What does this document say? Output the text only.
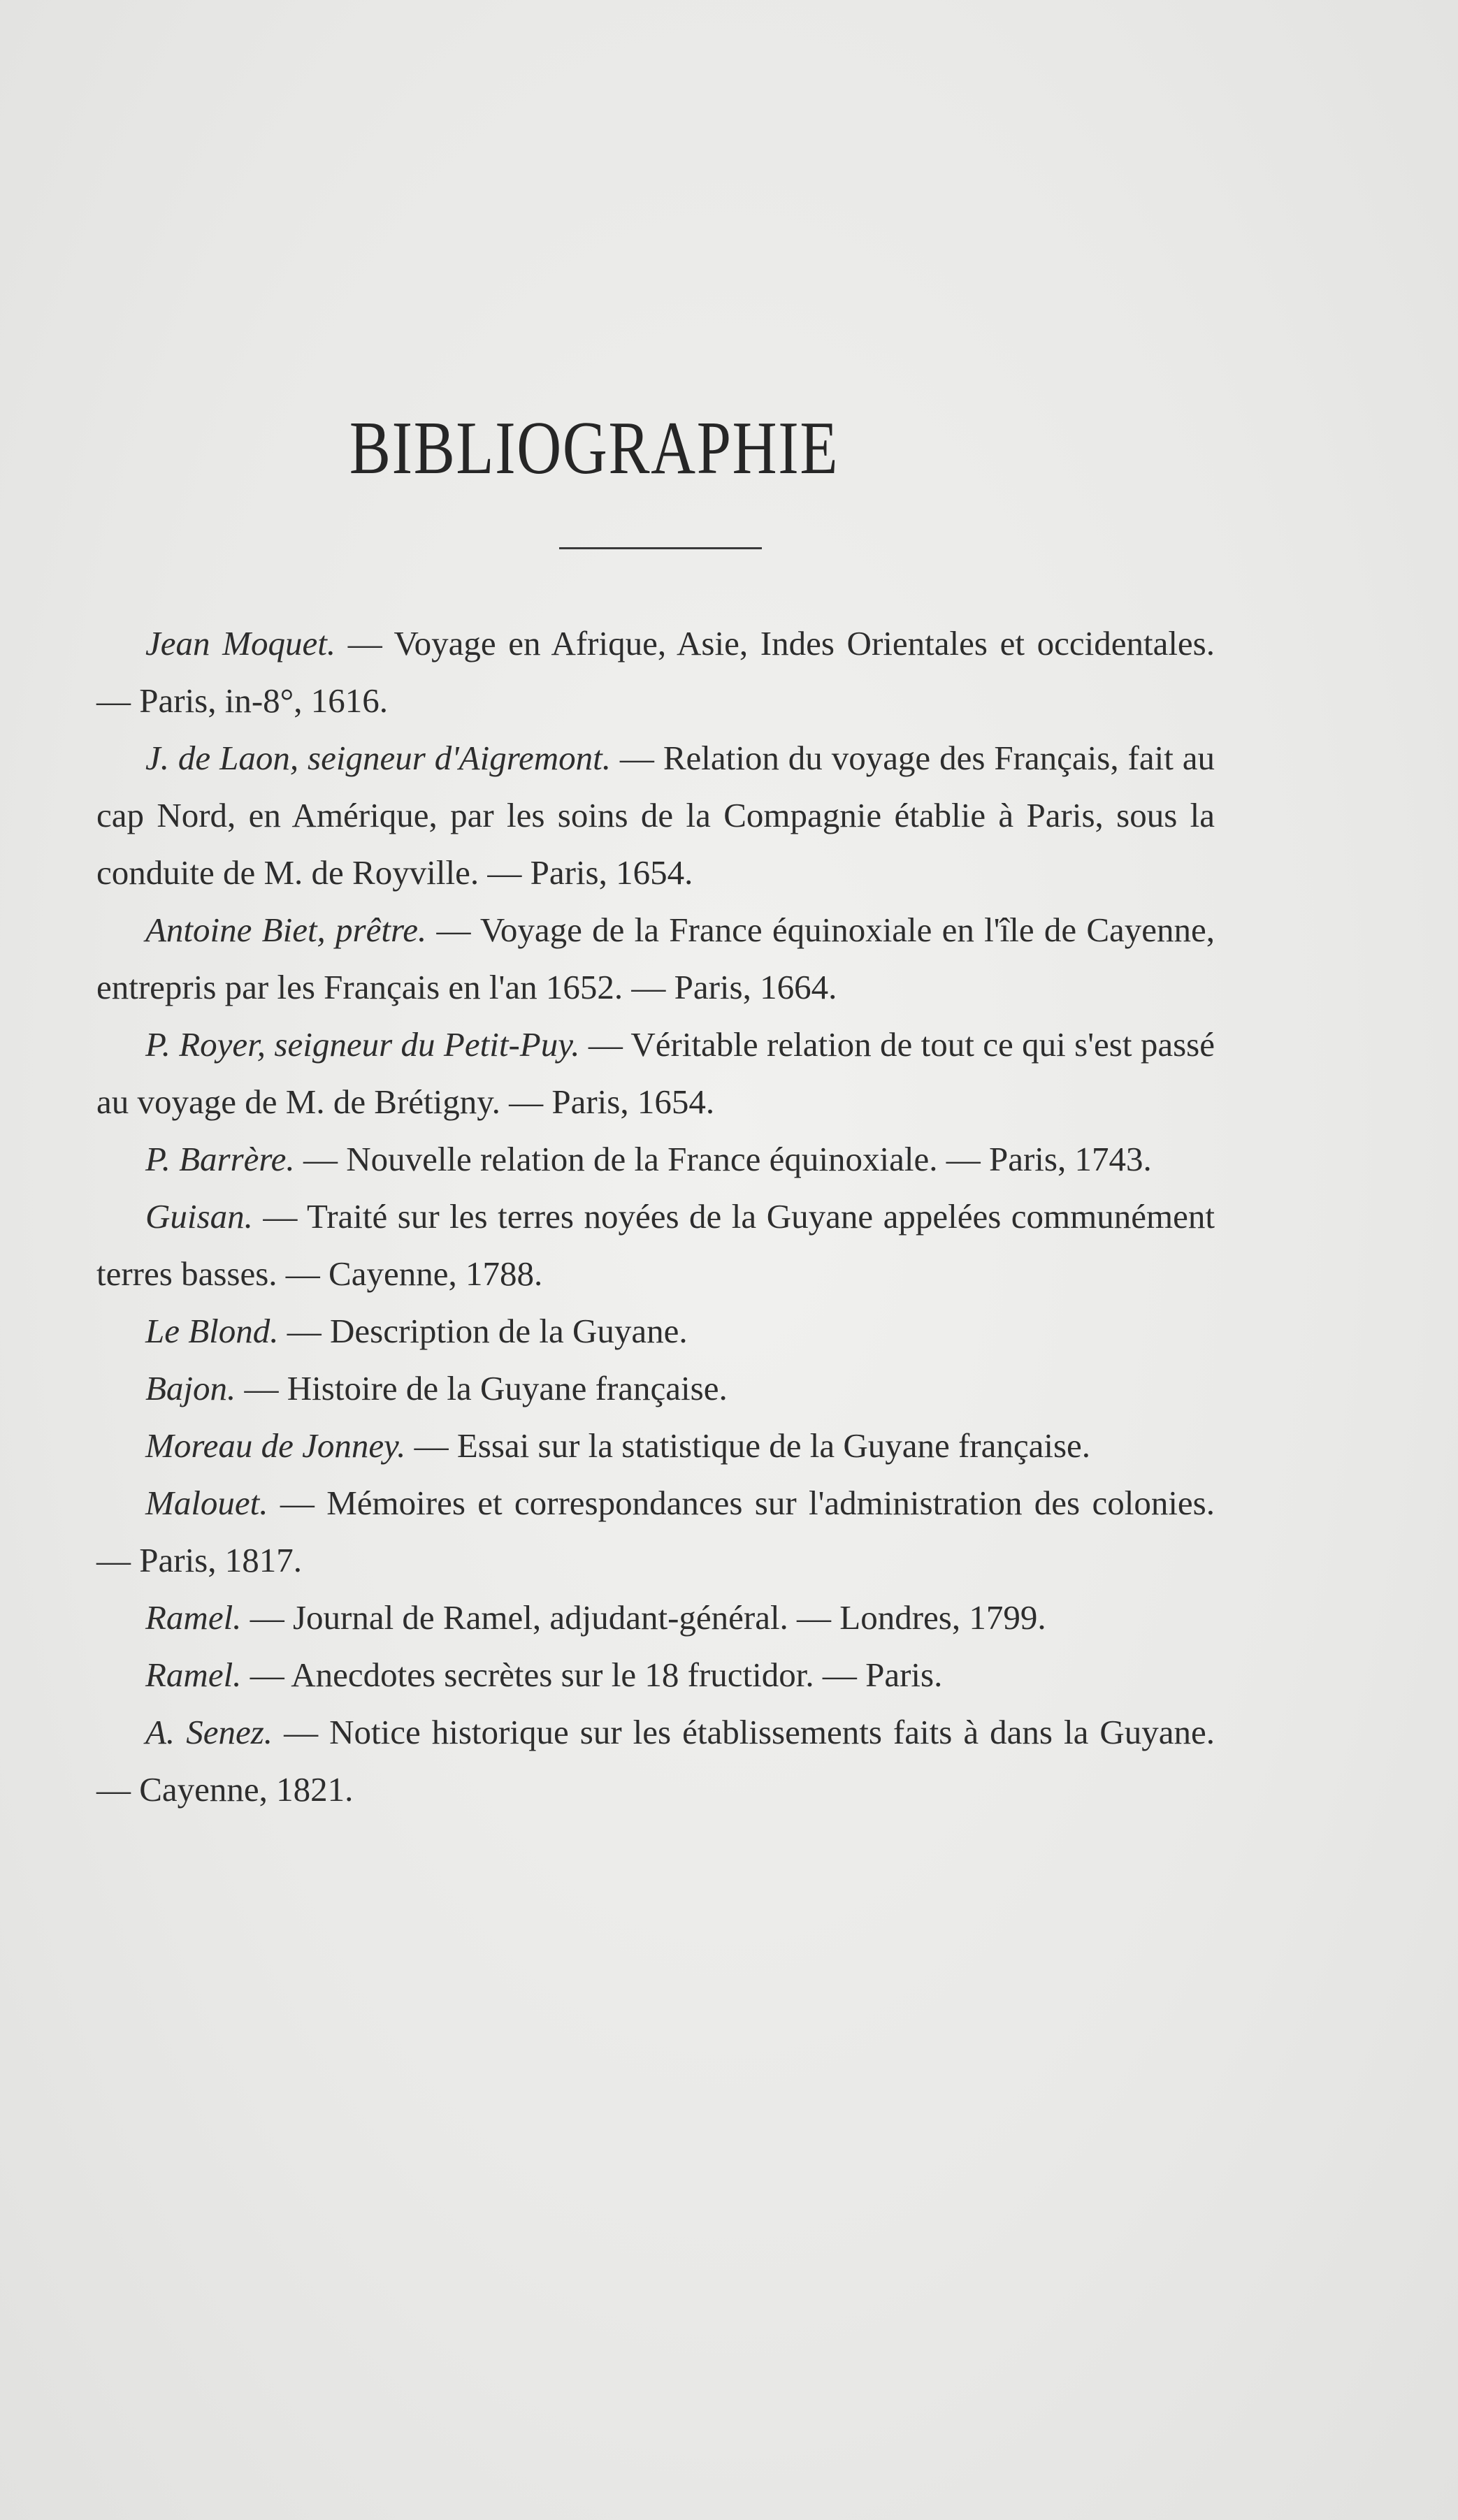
BIBLIOGRAPHIE

Jean Moquet. — Voyage en Afrique, Asie, Indes Orientales et occidentales. — Paris, in-8°, 1616.

J. de Laon, seigneur d'Aigremont. — Relation du voyage des Français, fait au cap Nord, en Amérique, par les soins de la Compagnie établie à Paris, sous la conduite de M. de Royville. — Paris, 1654.

Antoine Biet, prêtre. — Voyage de la France équinoxiale en l'île de Cayenne, entrepris par les Français en l'an 1652. — Paris, 1664.

P. Royer, seigneur du Petit-Puy. — Véritable relation de tout ce qui s'est passé au voyage de M. de Brétigny. — Paris, 1654.

P. Barrère. — Nouvelle relation de la France équinoxiale. — Paris, 1743.

Guisan. — Traité sur les terres noyées de la Guyane appelées communément terres basses. — Cayenne, 1788.

Le Blond. — Description de la Guyane.

Bajon. — Histoire de la Guyane française.

Moreau de Jonney. — Essai sur la statistique de la Guyane française.

Malouet. — Mémoires et correspondances sur l'administration des colonies. — Paris, 1817.

Ramel. — Journal de Ramel, adjudant-général. — Londres, 1799.

Ramel. — Anecdotes secrètes sur le 18 fructidor. — Paris.

A. Senez. — Notice historique sur les établissements faits à dans la Guyane. — Cayenne, 1821.
